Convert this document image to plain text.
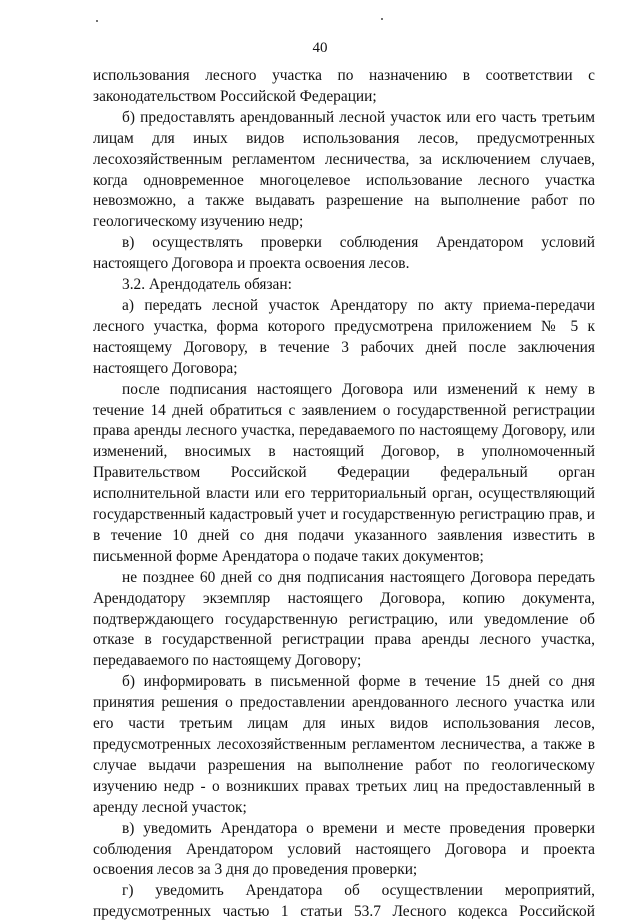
40

использования лесного участка по назначению в соответствии с законодательством Российской Федерации;

б) предоставлять арендованный лесной участок или его часть третьим лицам для иных видов использования лесов, предусмотренных лесохозяйственным регламентом лесничества, за исключением случаев, когда одновременное многоцелевое использование лесного участка невозможно, а также выдавать разрешение на выполнение работ по геологическому изучению недр;

в) осуществлять проверки соблюдения Арендатором условий настоящего Договора и проекта освоения лесов.

3.2. Арендодатель обязан:

а) передать лесной участок Арендатору по акту приема-передачи лесного участка, форма которого предусмотрена приложением № 5 к настоящему Договору, в течение 3 рабочих дней после заключения настоящего Договора;

после подписания настоящего Договора или изменений к нему в течение 14 дней обратиться с заявлением о государственной регистрации права аренды лесного участка, передаваемого по настоящему Договору, или изменений, вносимых в настоящий Договор, в уполномоченный Правительством Российской Федерации федеральный орган исполнительной власти или его территориальный орган, осуществляющий государственный кадастровый учет и государственную регистрацию прав, и в течение 10 дней со дня подачи указанного заявления известить в письменной форме Арендатора о подаче таких документов;

не позднее 60 дней со дня подписания настоящего Договора передать Арендодатору экземпляр настоящего Договора, копию документа, подтверждающего государственную регистрацию, или уведомление об отказе в государственной регистрации права аренды лесного участка, передаваемого по настоящему Договору;

б) информировать в письменной форме в течение 15 дней со дня принятия решения о предоставлении арендованного лесного участка или его части третьим лицам для иных видов использования лесов, предусмотренных лесохозяйственным регламентом лесничества, а также в случае выдачи разрешения на выполнение работ по геологическому изучению недр - о возникших правах третьих лиц на предоставленный в аренду лесной участок;

в) уведомить Арендатора о времени и месте проведения проверки соблюдения Арендатором условий настоящего Договора и проекта освоения лесов за 3 дня до проведения проверки;

г) уведомить Арендатора об осуществлении мероприятий, предусмотренных частью 1 статьи 53.7 Лесного кодекса Российской
